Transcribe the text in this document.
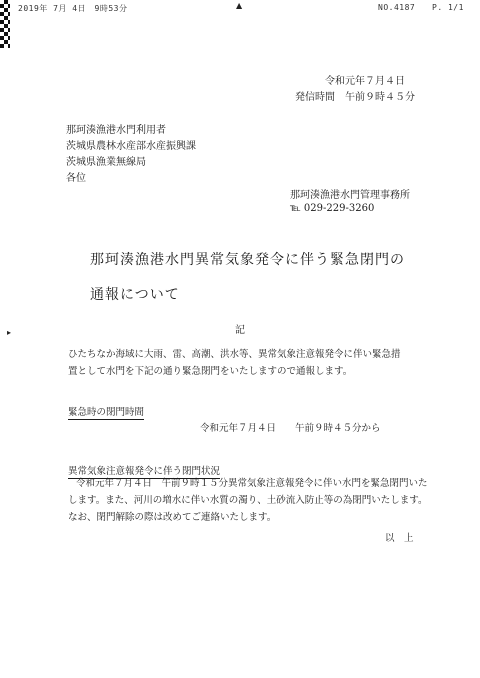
2019年 7月 4日　9時53分	▲	NO.4187 P. 1/1
令和元年７月４日
発信時間　午前９時４５分
那珂湊漁港水門利用者
茨城県農林水産部水産振興課
茨城県漁業無線局
各位
那珂湊漁港水門管理事務所
℡ 029-229-3260
那珂湊漁港水門異常気象発令に伴う緊急閉門の
通報について
▸	記
ひたちなか海域に大雨、雷、高潮、洪水等、異常気象注意報発令に伴い緊急措
置として水門を下記の通り緊急閉門をいたしますので通報します。
緊急時の閉門時間
令和元年７月４日　　午前９時４５分から
異常気象注意報発令に伴う閉門状況
令和元年７月４日　午前９時１５分異常気象注意報発令に伴い水門を緊急閉門いた
します。また、河川の増水に伴い水質の濁り、土砂流入防止等の為閉門いたします。
なお、閉門解除の際は改めてご連絡いたします。
以　上
